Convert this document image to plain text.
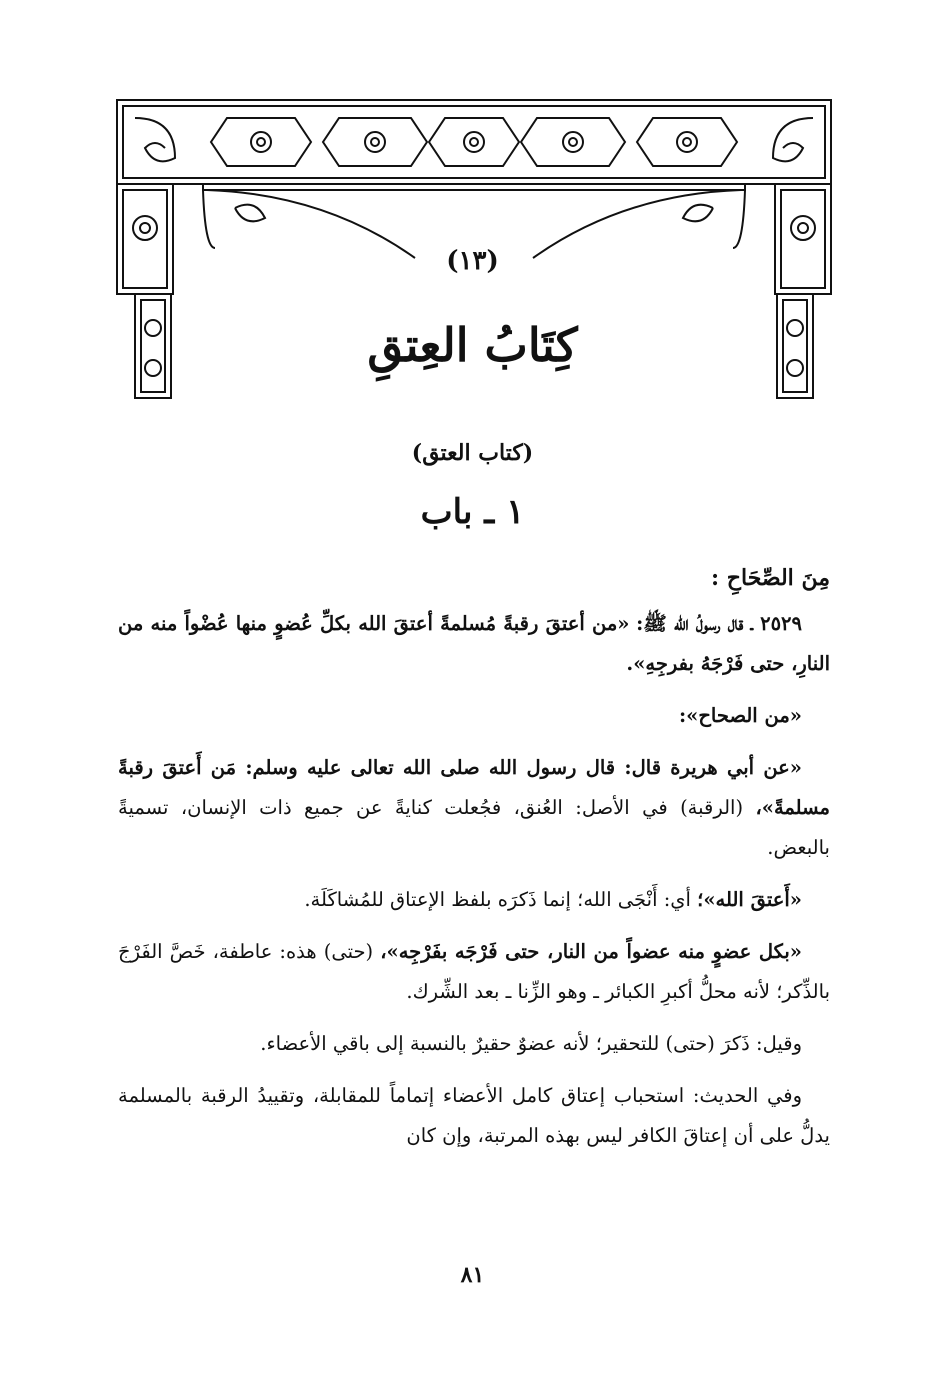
(١٣)
كِتَابُ العِتقِ
(كتاب العتق)
١ ـ باب

مِنَ الصِّحَاحِ :

٢٥٢٩ ـ قال رسولُ الله ﷺ: «من أعتقَ رقبةً مُسلمةً أعتقَ الله بكلِّ عُضوٍ منها عُضْواً منه من النارِ، حتى فَرْجَهُ بفرجِهِ».

«من الصحاح»:

«عن أبي هريرة قال: قال رسول الله صلى الله تعالى عليه وسلم: مَن أَعتقَ رقبةً مسلمةً»، (الرقبة) في الأصل: العُنق، فجُعلت كنايةً عن جميع ذات الإنسان، تسميةً بالبعض.

«أَعتقَ الله»؛ أي: أَنْجَى الله؛ إنما ذَكرَه بلفظ الإعتاق للمُشاكَلَة.

«بكل عضوٍ منه عضواً من النار، حتى فَرْجَه بفَرْجِه»، (حتى) هذه: عاطفة، خَصَّ الفَرْجَ بالذِّكر؛ لأنه محلُّ أكبرِ الكبائر ـ وهو الزِّنا ـ بعد الشِّرك.

وقيل: ذَكرَ (حتى) للتحقير؛ لأنه عضوٌ حقيرٌ بالنسبة إلى باقي الأعضاء.

وفي الحديث: استحباب إعتاق كامل الأعضاء إتماماً للمقابلة، وتقييدُ الرقبة بالمسلمة يدلُّ على أن إعتاقَ الكافر ليس بهذه المرتبة، وإن كان

٨١
